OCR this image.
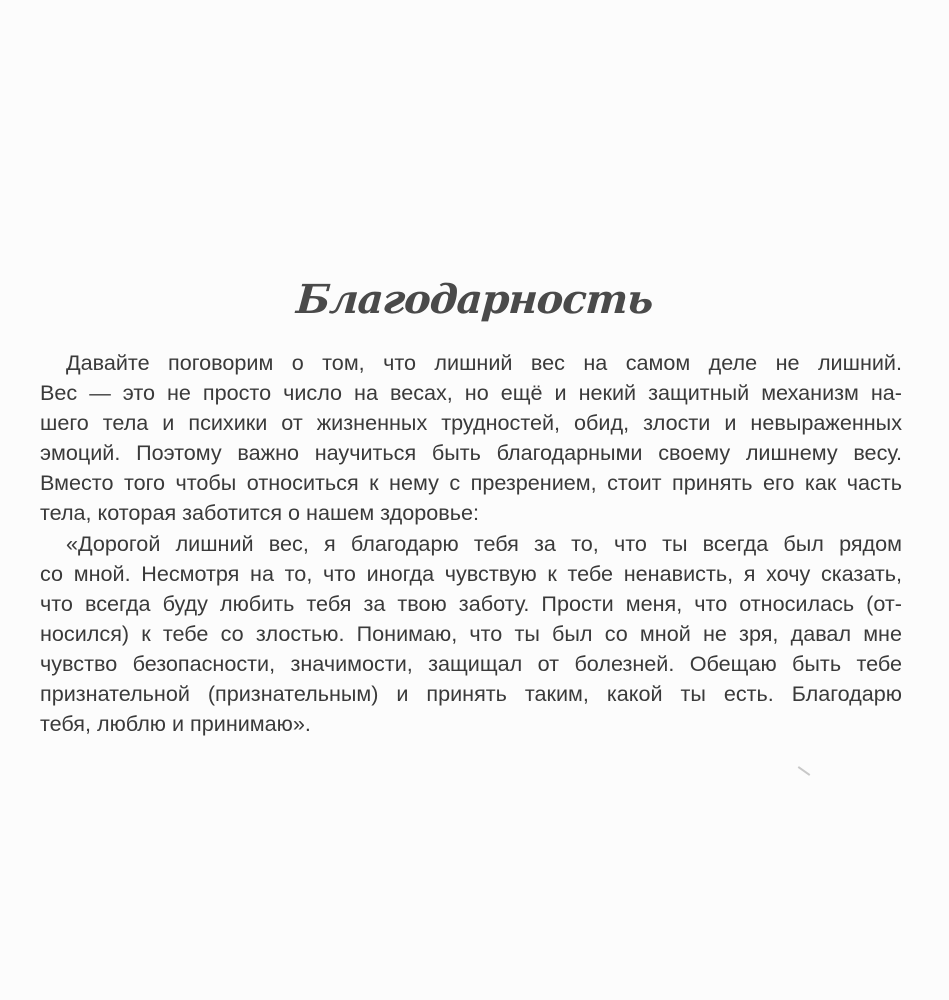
Благодарность
Давайте поговорим о том, что лишний вес на самом деле не лишний.
Вес — это не просто число на весах, но ещё и некий защитный механизм на-
шего тела и психики от жизненных трудностей, обид, злости и невыраженных
эмоций. Поэтому важно научиться быть благодарными своему лишнему весу.
Вместо того чтобы относиться к нему с презрением, стоит принять его как часть
тела, которая заботится о нашем здоровье:
«Дорогой лишний вес, я благодарю тебя за то, что ты всегда был рядом
со мной. Несмотря на то, что иногда чувствую к тебе ненависть, я хочу сказать,
что всегда буду любить тебя за твою заботу. Прости меня, что относилась (от-
носился) к тебе со злостью. Понимаю, что ты был со мной не зря, давал мне
чувство безопасности, значимости, защищал от болезней. Обещаю быть тебе
признательной (признательным) и принять таким, какой ты есть. Благодарю
тебя, люблю и принимаю».
